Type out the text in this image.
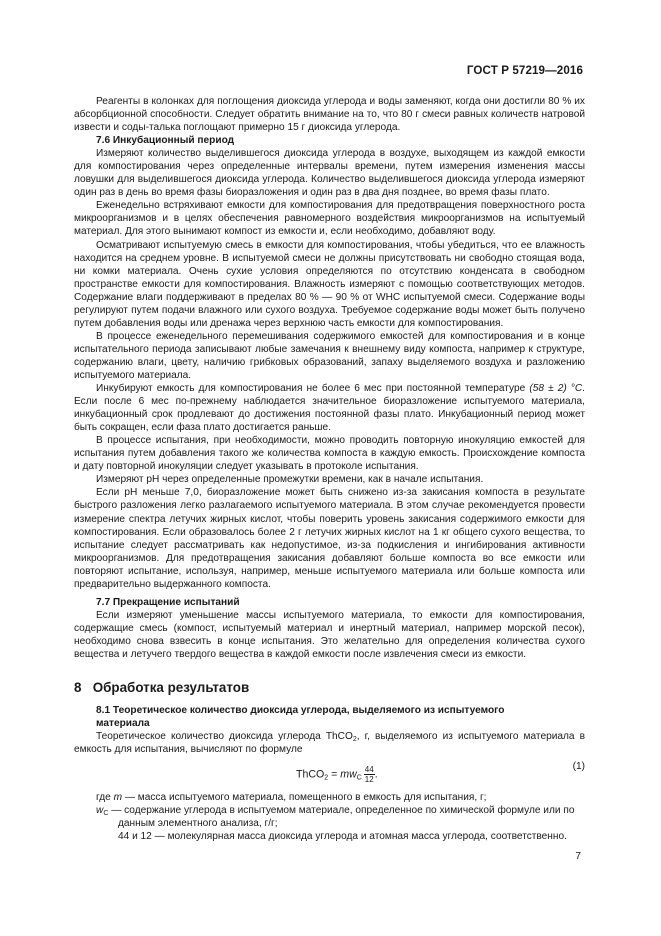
ГОСТ Р 57219—2016

Реагенты в колонках для поглощения диоксида углерода и воды заменяют, когда они достигли 80 % их абсорбционной способности. Следует обратить внимание на то, что 80 г смеси равных количеств натровой извести и соды-талька поглощают примерно 15 г диоксида углерода.

7.6 Инкубационный период

Измеряют количество выделившегося диоксида углерода в воздухе, выходящем из каждой емкости для компостирования через определенные интервалы времени, путем измерения изменения массы ловушки для выделившегося диоксида углерода. Количество выделившегося диоксида углерода измеряют один раз в день во время фазы биоразложения и один раз в два дня позднее, во время фазы плато.

Еженедельно встряхивают емкости для компостирования для предотвращения поверхностного роста микроорганизмов и в целях обеспечения равномерного воздействия микроорганизмов на испытуемый материал. Для этого вынимают компост из емкости и, если необходимо, добавляют воду.

Осматривают испытуемую смесь в емкости для компостирования, чтобы убедиться, что ее влажность находится на среднем уровне. В испытуемой смеси не должны присутствовать ни свободно стоящая вода, ни комки материала. Очень сухие условия определяются по отсутствию конденсата в свободном пространстве емкости для компостирования. Влажность измеряют с помощью соответствующих методов. Содержание влаги поддерживают в пределах 80 % — 90 % от WHC испытуемой смеси. Содержание воды регулируют путем подачи влажного или сухого воздуха. Требуемое содержание воды может быть получено путем добавления воды или дренажа через верхнюю часть емкости для компостирования.

В процессе еженедельного перемешивания содержимого емкостей для компостирования и в конце испытательного периода записывают любые замечания к внешнему виду компоста, например к структуре, содержанию влаги, цвету, наличию грибковых образований, запаху выделяемого воздуха и разложению испытуемого материала.

Инкубируют емкость для компостирования не более 6 мес при постоянной температуре (58 ± 2) °С. Если после 6 мес по-прежнему наблюдается значительное биоразложение испытуемого материала, инкубационный срок продлевают до достижения постоянной фазы плато. Инкубационный период может быть сокращен, если фаза плато достигается раньше.

В процессе испытания, при необходимости, можно проводить повторную инокуляцию емкостей для испытания путем добавления такого же количества компоста в каждую емкость. Происхождение компоста и дату повторной инокуляции следует указывать в протоколе испытания.

Измеряют pH через определенные промежутки времени, как в начале испытания.

Если pH меньше 7,0, биоразложение может быть снижено из-за закисания компоста в результате быстрого разложения легко разлагаемого испытуемого материала. В этом случае рекомендуется провести измерение спектра летучих жирных кислот, чтобы поверить уровень закисания содержимого емкости для компостирования. Если образовалось более 2 г летучих жирных кислот на 1 кг общего сухого вещества, то испытание следует рассматривать как недопустимое, из-за подкисления и ингибирования активности микроорганизмов. Для предотвращения закисания добавляют больше компоста во все емкости или повторяют испытание, используя, например, меньше испытуемого материала или больше компоста или предварительно выдержанного компоста.

7.7 Прекращение испытаний

Если измеряют уменьшение массы испытуемого материала, то емкости для компостирования, содержащие смесь (компост, испытуемый материал и инертный материал, например морской песок), необходимо снова взвесить в конце испытания. Это желательно для определения количества сухого вещества и летучего твердого вещества в каждой емкости после извлечения смеси из емкости.

8 Обработка результатов
8.1 Теоретическое количество диоксида углерода, выделяемого из испытуемого
материала

Теоретическое количество диоксида углерода ThCO$_2$, г, выделяемого из испытуемого материала в емкость для испытания, вычисляют по формуле

ThCO$_2$ = $mw_C \frac{44}{12}$ .
(1)

где m — масса испытуемого материала, помещенного в емкость для испытания, г;

$w_C$ — содержание углерода в испытуемом материале, определенное по химической формуле или по
данным элементного анализа, г/г;

44 и 12 — молекулярная масса диоксида углерода и атомная масса углерода, соответственно.

7
